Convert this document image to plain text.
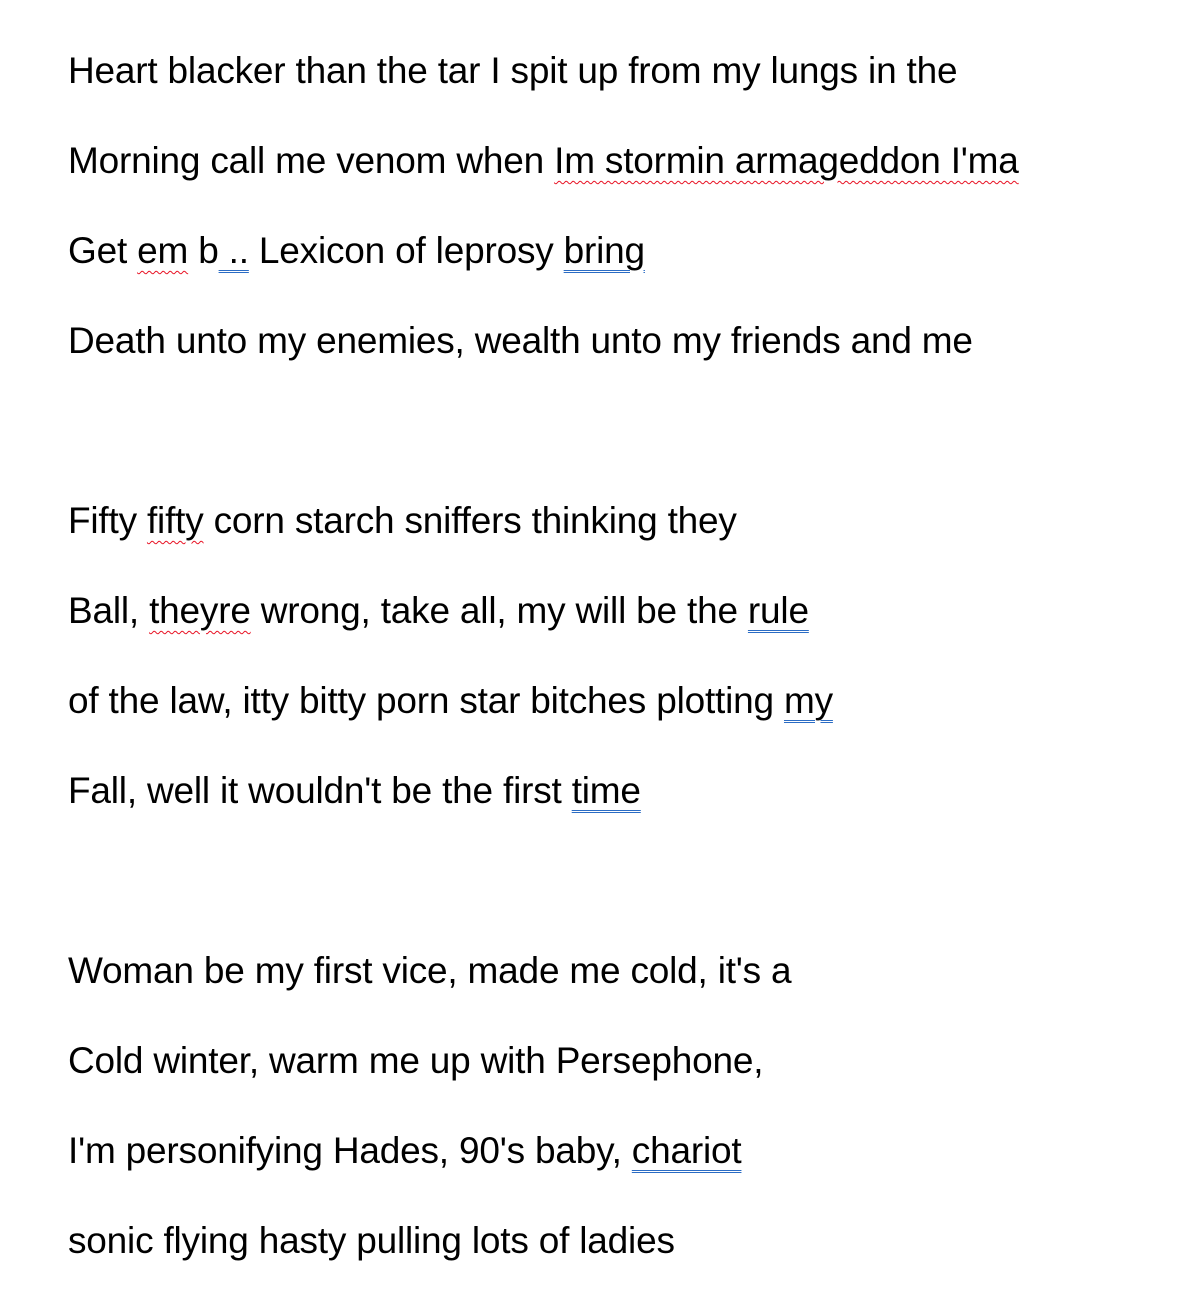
Heart blacker than the tar I spit up from my lungs in the
Morning call me venom when Im stormin armageddon I'ma
Get em b .. Lexicon of leprosy bring
Death unto my enemies, wealth unto my friends and me
Fifty fifty corn starch sniffers thinking they
Ball, theyre wrong, take all, my will be the rule
of the law, itty bitty porn star bitches plotting my
Fall, well it wouldn't be the first time
Woman be my first vice, made me cold, it's a
Cold winter, warm me up with Persephone,
I'm personifying Hades, 90's baby, chariot
sonic flying hasty pulling lots of ladies
